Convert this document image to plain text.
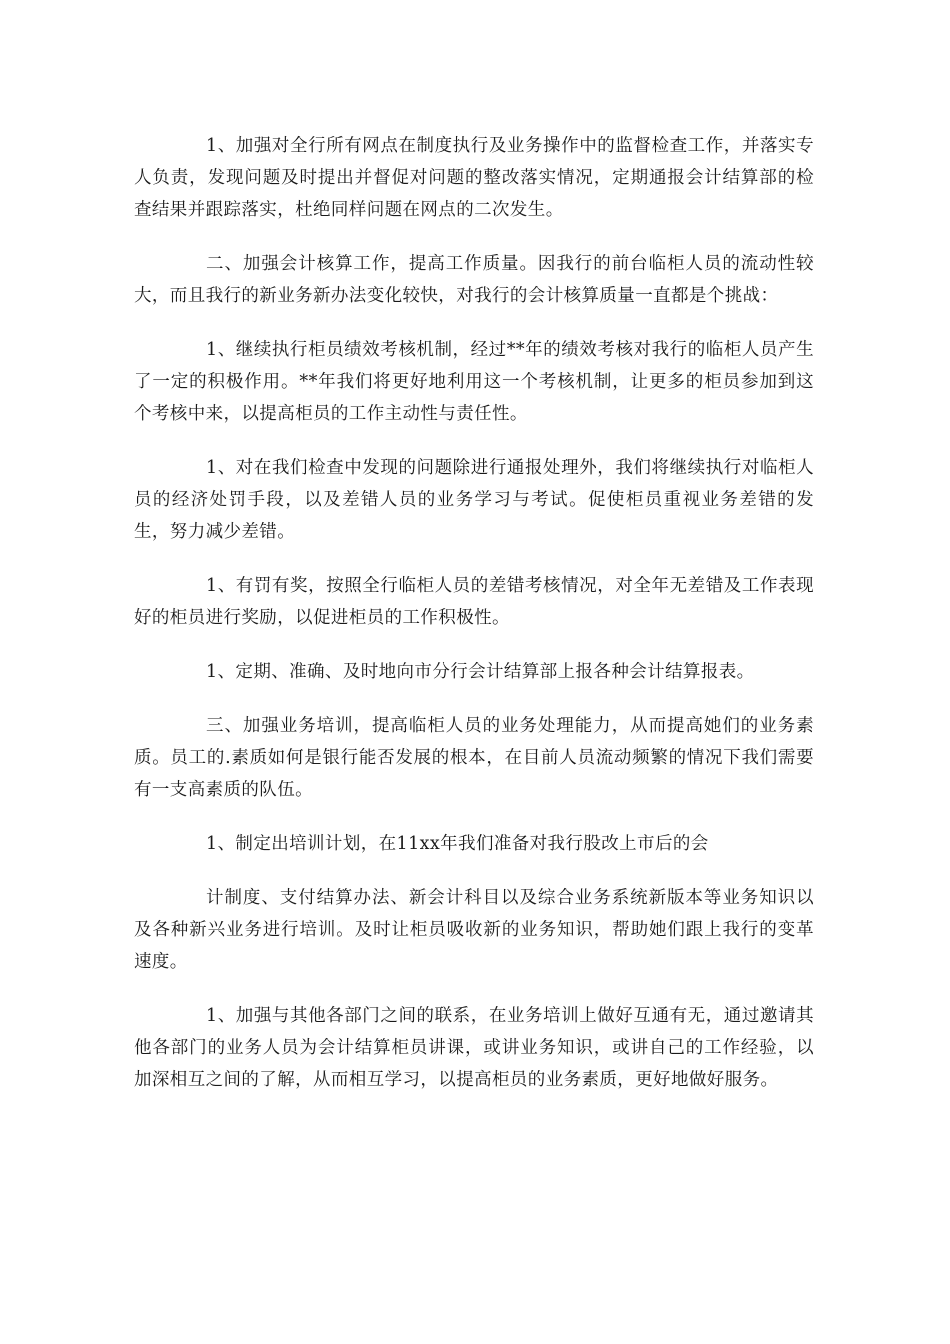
1、加强对全行所有网点在制度执行及业务操作中的监督检查工作，并落实专人负责，发现问题及时提出并督促对问题的整改落实情况，定期通报会计结算部的检查结果并跟踪落实，杜绝同样问题在网点的二次发生。

二、加强会计核算工作，提高工作质量。因我行的前台临柜人员的流动性较大，而且我行的新业务新办法变化较快，对我行的会计核算质量一直都是个挑战：

1、继续执行柜员绩效考核机制，经过**年的绩效考核对我行的临柜人员产生了一定的积极作用。**年我们将更好地利用这一个考核机制，让更多的柜员参加到这个考核中来，以提高柜员的工作主动性与责任性。

1、对在我们检查中发现的问题除进行通报处理外，我们将继续执行对临柜人员的经济处罚手段，以及差错人员的业务学习与考试。促使柜员重视业务差错的发生，努力减少差错。

1、有罚有奖，按照全行临柜人员的差错考核情况，对全年无差错及工作表现好的柜员进行奖励，以促进柜员的工作积极性。

1、定期、准确、及时地向市分行会计结算部上报各种会计结算报表。

三、加强业务培训，提高临柜人员的业务处理能力，从而提高她们的业务素质。员工的.素质如何是银行能否发展的根本，在目前人员流动频繁的情况下我们需要有一支高素质的队伍。

1、制定出培训计划，在11xx年我们准备对我行股改上市后的会

计制度、支付结算办法、新会计科目以及综合业务系统新版本等业务知识以及各种新兴业务进行培训。及时让柜员吸收新的业务知识，帮助她们跟上我行的变革速度。

1、加强与其他各部门之间的联系，在业务培训上做好互通有无，通过邀请其他各部门的业务人员为会计结算柜员讲课，或讲业务知识，或讲自己的工作经验，以加深相互之间的了解，从而相互学习，以提高柜员的业务素质，更好地做好服务。
